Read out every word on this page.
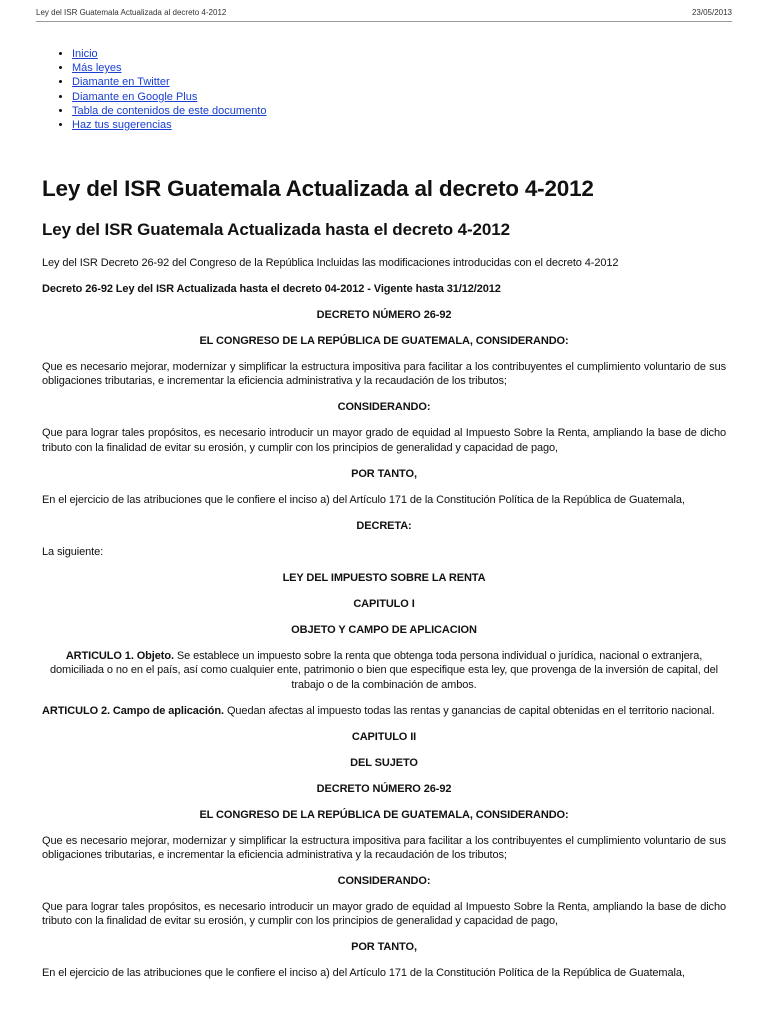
Ley del ISR Guatemala Actualizada al decreto 4-2012	23/05/2013
• Inicio
• Más leyes
• Diamante en Twitter
• Diamante en Google Plus
• Tabla de contenidos de este documento
• Haz tus sugerencias
Ley del ISR Guatemala Actualizada al decreto 4-2012
Ley del ISR Guatemala Actualizada hasta el decreto 4-2012

Ley del ISR Decreto 26-92 del Congreso de la República Incluidas las modificaciones introducidas con el decreto 4-2012

Decreto 26-92 Ley del ISR Actualizada hasta el decreto 04-2012 - Vigente hasta 31/12/2012

DECRETO NÚMERO 26-92

EL CONGRESO DE LA REPÚBLICA DE GUATEMALA, CONSIDERANDO:

Que es necesario mejorar, modernizar y simplificar la estructura impositiva para facilitar a los contribuyentes el cumplimiento voluntario de sus obligaciones tributarias, e incrementar la eficiencia administrativa y la recaudación de los tributos;

CONSIDERANDO:

Que para lograr tales propósitos, es necesario introducir un mayor grado de equidad al Impuesto Sobre la Renta, ampliando la base de dicho tributo con la finalidad de evitar su erosión, y cumplir con los principios de generalidad y capacidad de pago,

POR TANTO,

En el ejercicio de las atribuciones que le confiere el inciso a) del Artículo 171 de la Constitución Política de la República de Guatemala,

DECRETA:

La siguiente:

LEY DEL IMPUESTO SOBRE LA RENTA

CAPITULO I

OBJETO Y CAMPO DE APLICACION

ARTICULO 1. Objeto. Se establece un impuesto sobre la renta que obtenga toda persona individual o jurídica, nacional o extranjera, domiciliada o no en el país, así como cualquier ente, patrimonio o bien que especifique esta ley, que provenga de la inversión de capital, del trabajo o de la combinación de ambos.

ARTICULO 2. Campo de aplicación. Quedan afectas al impuesto todas las rentas y ganancias de capital obtenidas en el territorio nacional.

CAPITULO II

DEL SUJETO

DECRETO NÚMERO 26-92

EL CONGRESO DE LA REPÚBLICA DE GUATEMALA, CONSIDERANDO:

Que es necesario mejorar, modernizar y simplificar la estructura impositiva para facilitar a los contribuyentes el cumplimiento voluntario de sus obligaciones tributarias, e incrementar la eficiencia administrativa y la recaudación de los tributos;

CONSIDERANDO:

Que para lograr tales propósitos, es necesario introducir un mayor grado de equidad al Impuesto Sobre la Renta, ampliando la base de dicho tributo con la finalidad de evitar su erosión, y cumplir con los principios de generalidad y capacidad de pago,

POR TANTO,

En el ejercicio de las atribuciones que le confiere el inciso a) del Artículo 171 de la Constitución Política de la República de Guatemala,
